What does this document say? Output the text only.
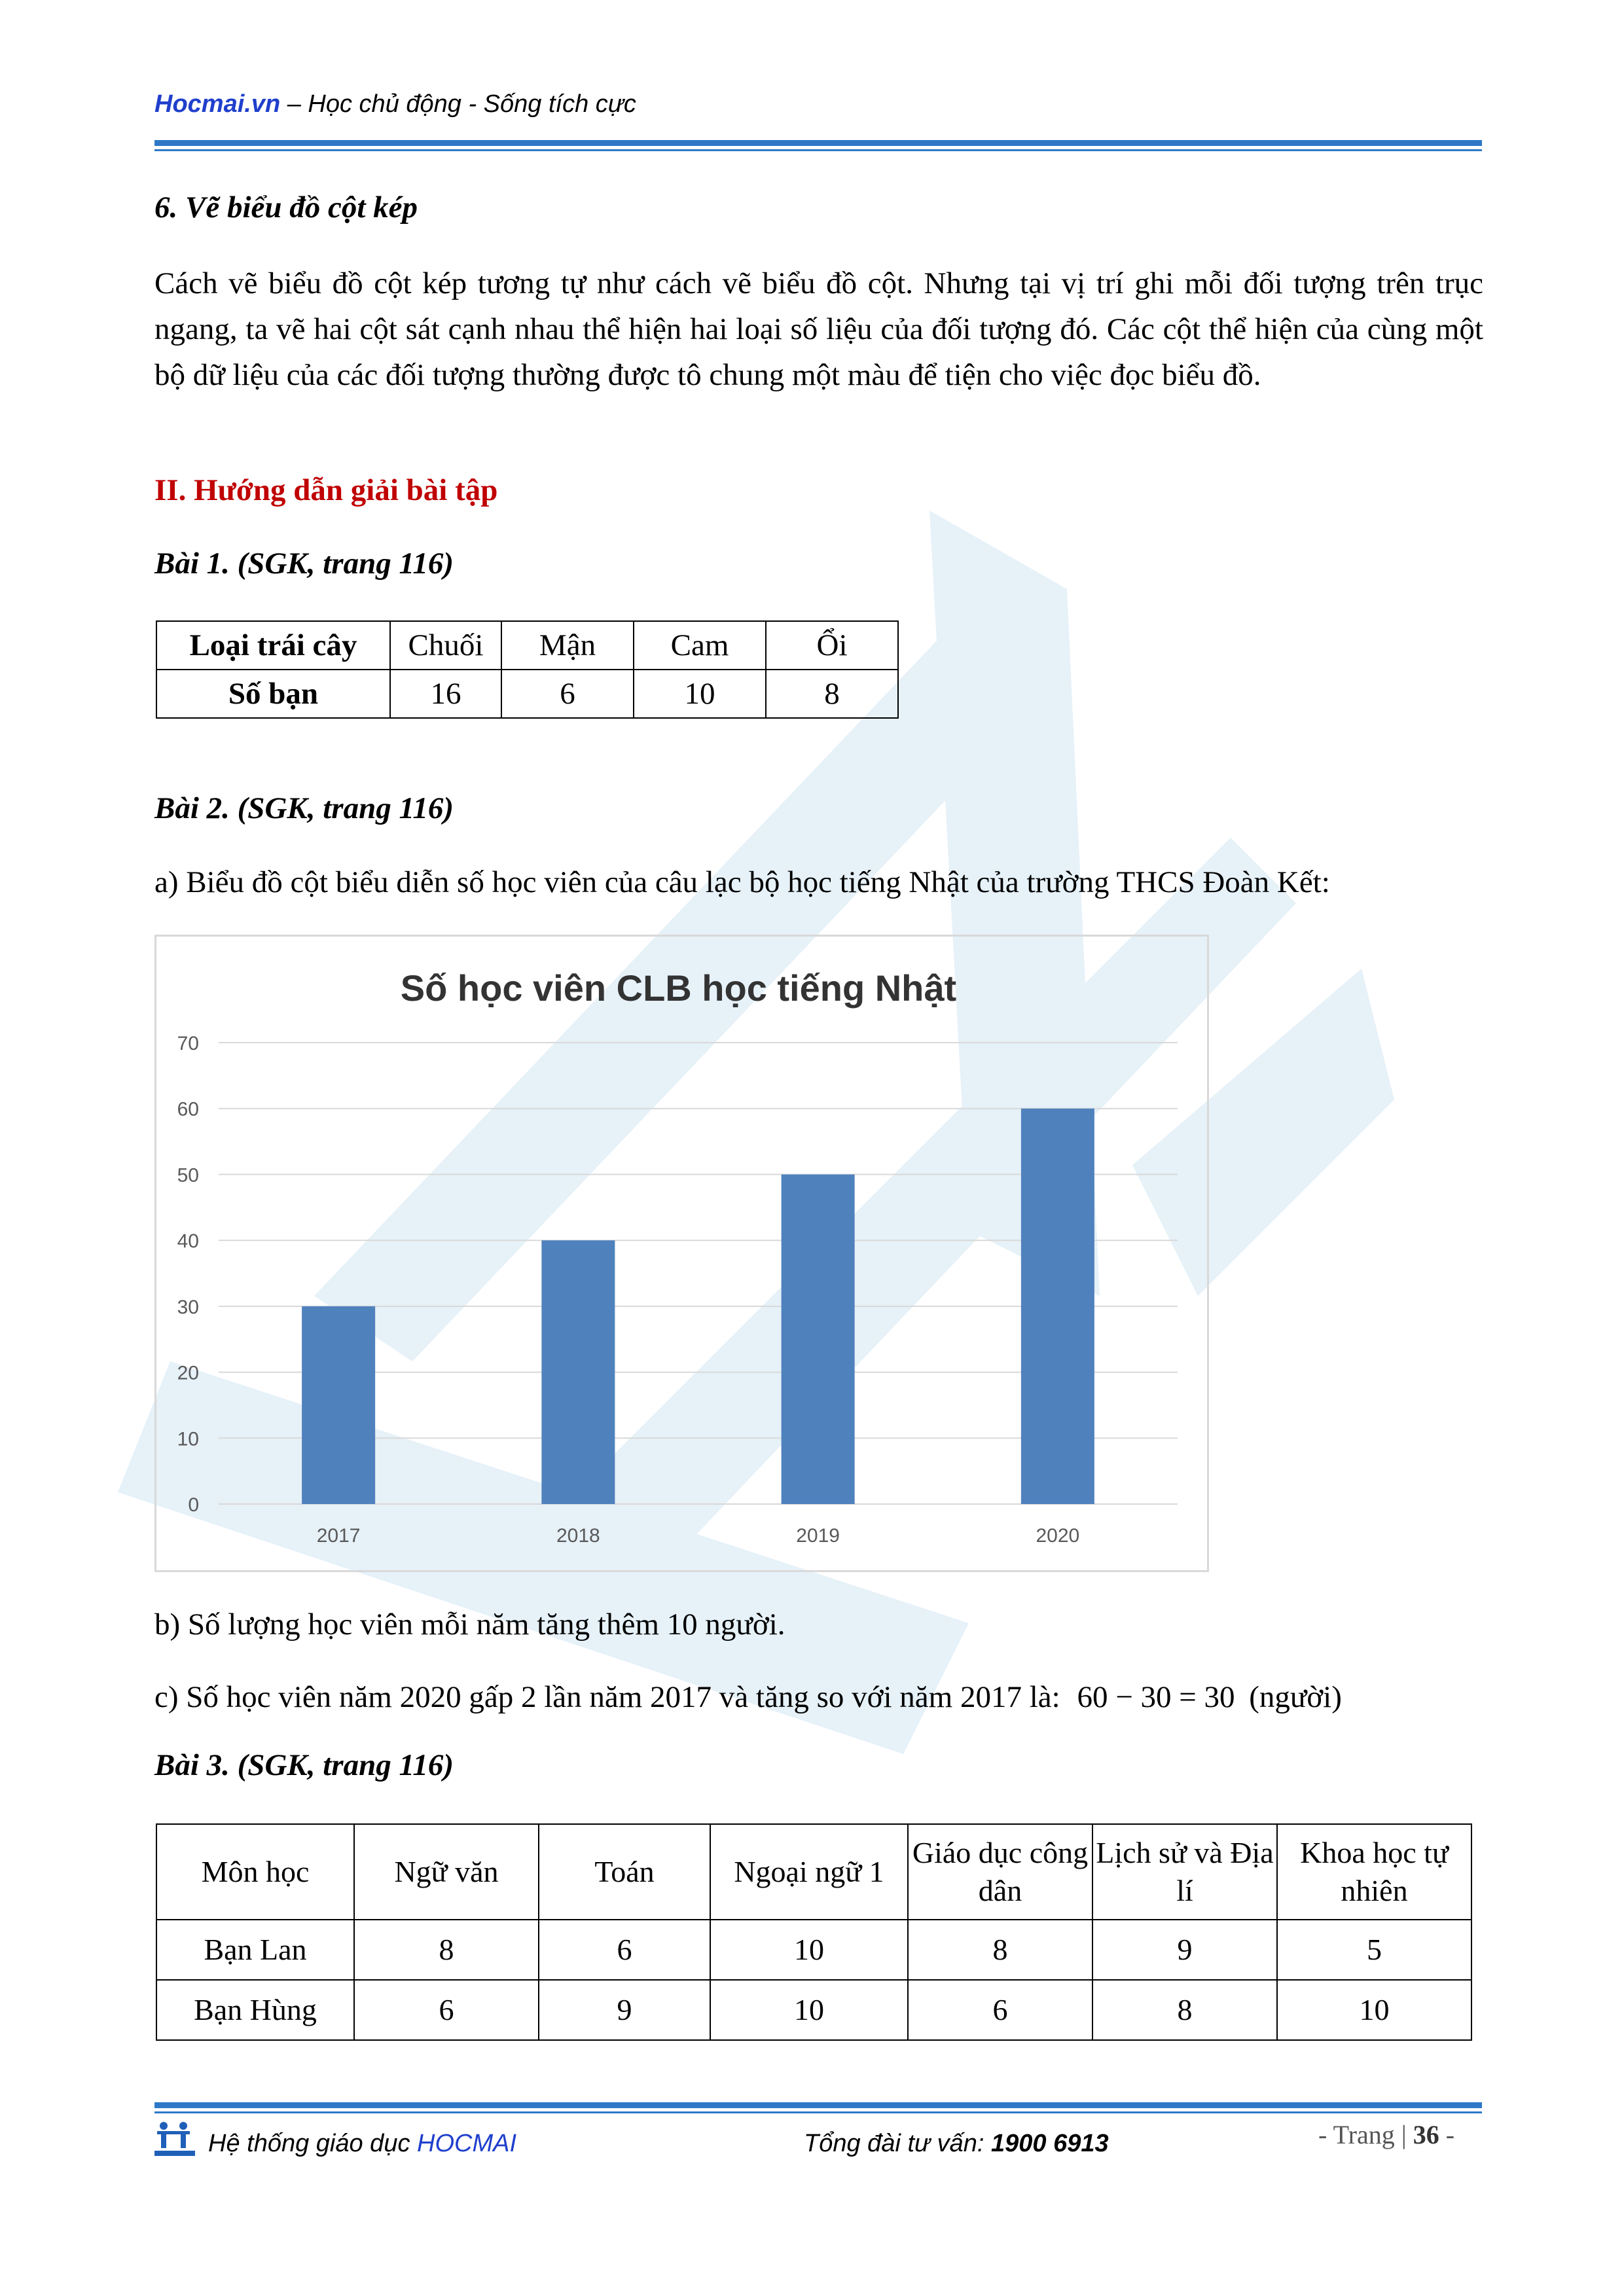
Hocmai.vn – Học chủ động - Sống tích cực
6. Vẽ biểu đồ cột kép
Cách vẽ biểu đồ cột kép tương tự như cách vẽ biểu đồ cột. Nhưng tại vị trí ghi mỗi đối tượng trên trục ngang, ta vẽ hai cột sát cạnh nhau thể hiện hai loại số liệu của đối tượng đó. Các cột thể hiện của cùng một bộ dữ liệu của các đối tượng thường được tô chung một màu để tiện cho việc đọc biểu đồ.
II. Hướng dẫn giải bài tập
Bài 1. (SGK, trang 116)
Loại trái cây	Chuối	Mận	Cam	Ổi
Số bạn	16	6	10	8
Bài 2. (SGK, trang 116)
a) Biểu đồ cột biểu diễn số học viên của câu lạc bộ học tiếng Nhật của trường THCS Đoàn Kết:
Số học viên CLB học tiếng Nhật
0
10
20
30
40
50
60
70
2017	2018	2019	2020
b) Số lượng học viên mỗi năm tăng thêm 10 người.
c) Số học viên năm 2020 gấp 2 lần năm 2017 và tăng so với năm 2017 là: 60 − 30 = 30 (người)
Bài 3. (SGK, trang 116)
Môn học	Ngữ văn	Toán	Ngoại ngữ 1	Giáo dục công dân	Lịch sử và Địa lí	Khoa học tự nhiên
Bạn Lan	8	6	10	8	9	5
Bạn Hùng	6	9	10	6	8	10
Hệ thống giáo dục HOCMAI	Tổng đài tư vấn: 1900 6913	- Trang | 36 -
